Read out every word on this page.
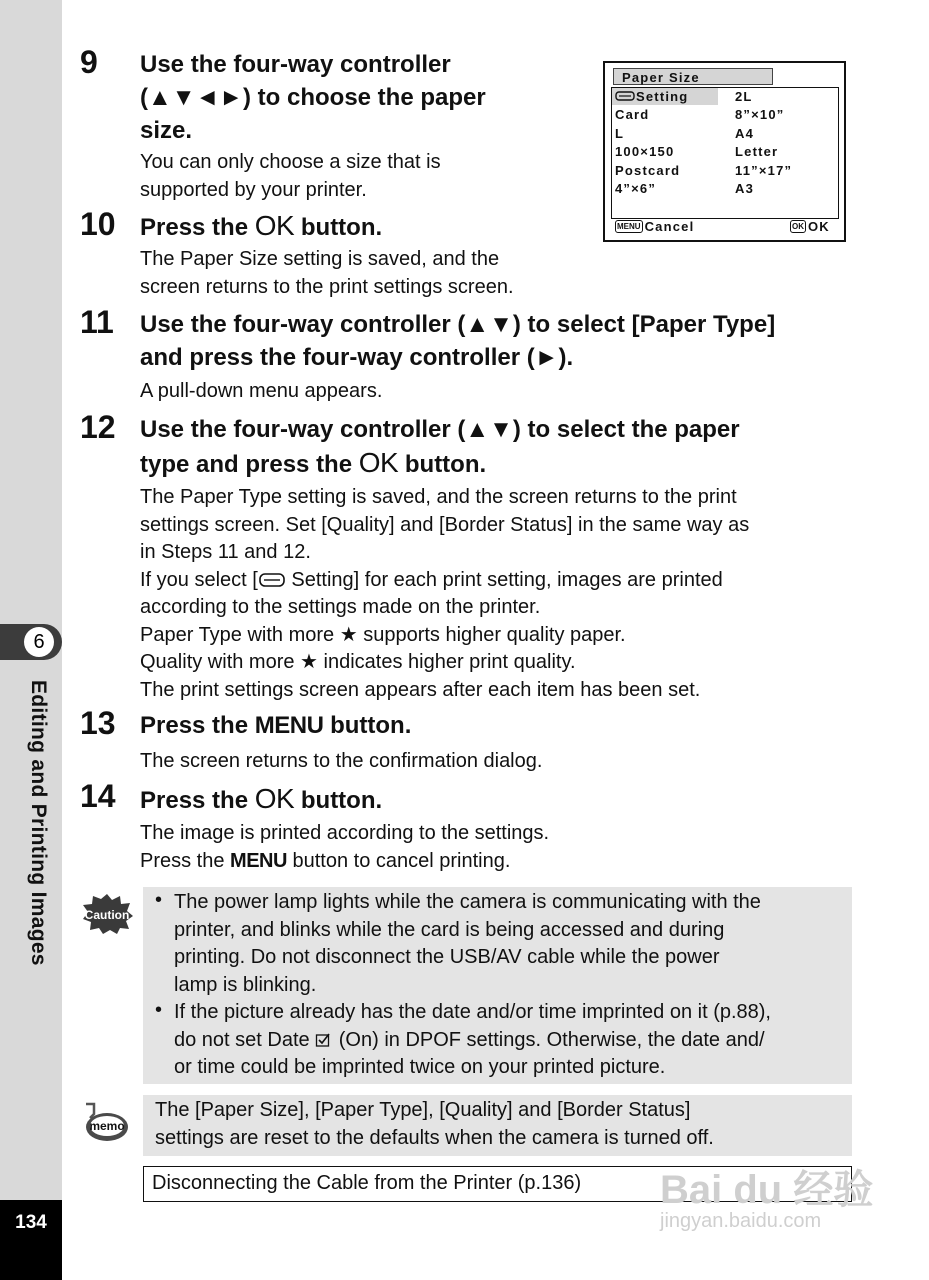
6
Editing and Printing Images
134
9 Use the four-way controller
(▲▼◄►) to choose the paper
size.
You can only choose a size that is
supported by your printer.
Paper Size
Setting
Card
L
100×150
Postcard
4”×6”
2L
8”×10”
A4
Letter
11”×17”
A3
MENU Cancel	OK OK
10 Press the OK button.
The Paper Size setting is saved, and the
screen returns to the print settings screen.
11 Use the four-way controller (▲▼) to select [Paper Type]
and press the four-way controller (►).
A pull-down menu appears.
12 Use the four-way controller (▲▼) to select the paper
type and press the OK button.
The Paper Type setting is saved, and the screen returns to the print
settings screen. Set [Quality] and [Border Status] in the same way as
in Steps 11 and 12.
If you select [ Setting] for each print setting, images are printed
according to the settings made on the printer.
Paper Type with more ★ supports higher quality paper.
Quality with more ★ indicates higher print quality.
The print settings screen appears after each item has been set.
13 Press the MENU button.
The screen returns to the confirmation dialog.
14 Press the OK button.
The image is printed according to the settings.
Press the MENU button to cancel printing.
Caution
• The power lamp lights while the camera is communicating with the
printer, and blinks while the card is being accessed and during
printing. Do not disconnect the USB/AV cable while the power
lamp is blinking.
• If the picture already has the date and/or time imprinted on it (p.88),
do not set Date  (On) in DPOF settings. Otherwise, the date and/
or time could be imprinted twice on your printed picture.
memo
The [Paper Size], [Paper Type], [Quality] and [Border Status]
settings are reset to the defaults when the camera is turned off.
Disconnecting the Cable from the Printer (p.136)	Bai du 经验
jingyan.baidu.com
